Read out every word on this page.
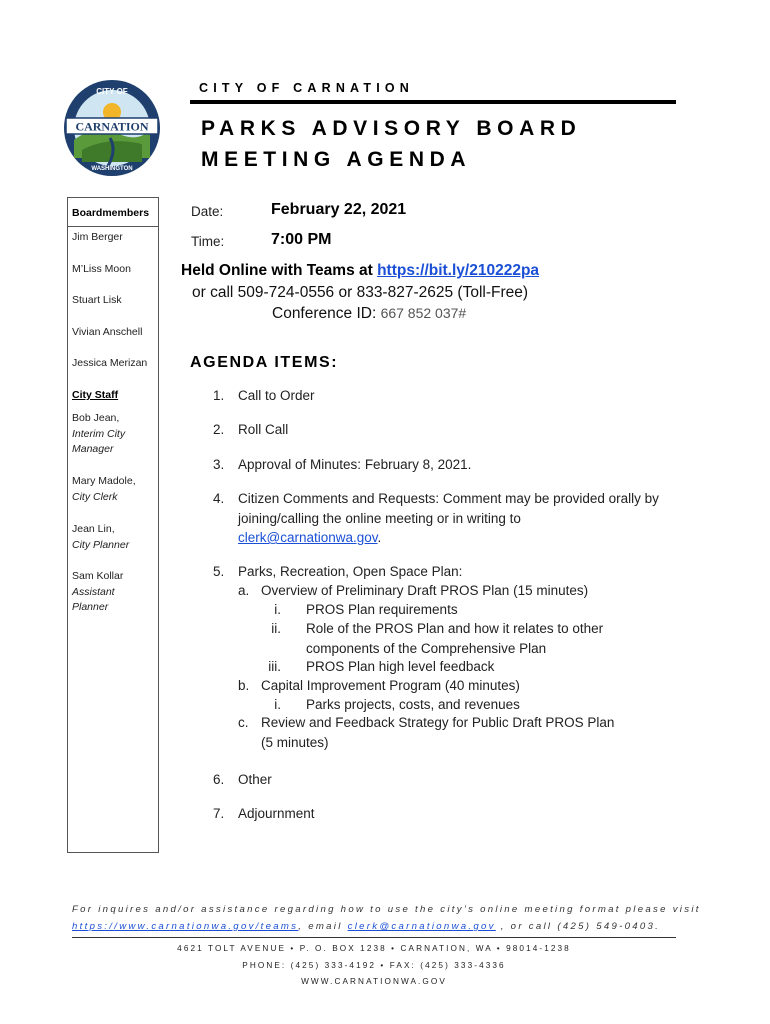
CARNATION
CITY OF
WASHINGTON
CITY OF CARNATION
PARKS ADVISORY BOARD
MEETING AGENDA
Boardmembers
Jim Berger
M’Liss Moon
Stuart Lisk
Vivian Anschell
Jessica Merizan
City Staff
Bob Jean,
Interim City
Manager
Mary Madole,
City Clerk
Jean Lin,
City Planner
Sam Kollar
Assistant
Planner
Date:	February 22, 2021
Time:	7:00 PM
Held Online with Teams at https://bit.ly/210222pa
or call 509-724-0556 or 833-827-2625 (Toll-Free)
Conference ID: 667 852 037#
AGENDA ITEMS:
1. Call to Order
2. Roll Call
3. Approval of Minutes: February 8, 2021.
4. Citizen Comments and Requests: Comment may be provided orally by
joining/calling the online meeting or in writing to
clerk@carnationwa.gov.
5. Parks, Recreation, Open Space Plan:
a. Overview of Preliminary Draft PROS Plan (15 minutes)
i. PROS Plan requirements
ii. Role of the PROS Plan and how it relates to other
components of the Comprehensive Plan
iii. PROS Plan high level feedback
b. Capital Improvement Program (40 minutes)
i. Parks projects, costs, and revenues
c. Review and Feedback Strategy for Public Draft PROS Plan
(5 minutes)
6. Other
7. Adjournment
For inquires and/or assistance regarding how to use the city’s online meeting format please visit
https://www.carnationwa.gov/teams, email clerk@carnationwa.gov , or call (425) 549-0403.
4621 TOLT AVENUE • P. O. BOX 1238 • CARNATION, WA • 98014-1238
PHONE: (425) 333-4192 • FAX: (425) 333-4336
WWW.CARNATIONWA.GOV
